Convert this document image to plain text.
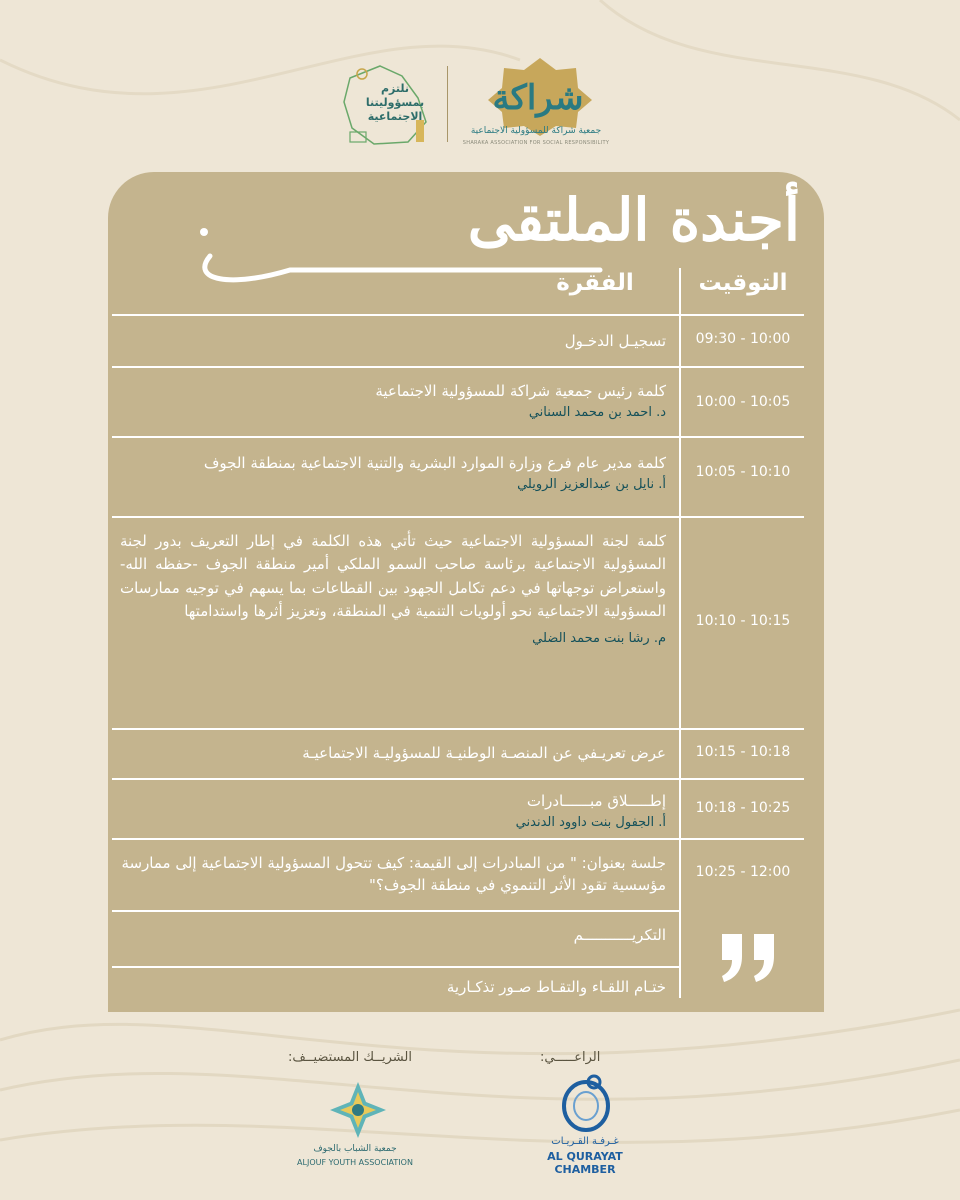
نلتزم بمسؤوليتنا الاجتماعية شراكة
جمعية شراكة للمسؤولية الاجتماعية
SHARAKA ASSOCIATION FOR SOCIAL RESPONSIBILITY
أجندة الملتقى
التوقيت
الفقرة
09:30 - 10:00
تسجيـل الدخـول
10:00 - 10:05
كلمة رئيس جمعية شراكة للمسؤولية الاجتماعية
د. احمد بن محمد السناني
10:05 - 10:10
كلمة مدير عام فرع وزارة الموارد البشرية والتنية الاجتماعية بمنطقة الجوف
أ. نايل بن عبدالعزيز الرويلي
10:10 - 10:15
كلمة لجنة المسؤولية الاجتماعية حيث تأتي هذه الكلمة في إطار التعريف بدور لجنة المسؤولية الاجتماعية برئاسة صاحب السمو الملكي أمير منطقة الجوف -حفظه الله- واستعراض توجهاتها في دعم تكامل الجهود بين القطاعات بما يسهم في توجيه ممارسات المسؤولية الاجتماعية نحو أولويات التنمية في المنطقة، وتعزيز أثرها واستدامتها
م. رشا بنت محمد الضلي
10:15 - 10:18
عرض تعريـفي عن المنصـة الوطنيـة للمسؤوليـة الاجتماعيـة
10:18 - 10:25
إطـــــلاق مبــــــادرات
أ. الجفول بنت داوود الدندني
10:25 - 12:00
جلسة بعنوان: " من المبادرات إلى القيمة: كيف تتحول المسؤولية الاجتماعية إلى ممارسة مؤسسية تقود الأثر التنموي في منطقة الجوف؟"
التكريـــــــــــم
ختـام اللقـاء والتقـاط صـور تذكـارية
الراعـــــي:
غـرفـة القـريـات
AL QURAYAT CHAMBER
الشريــك المستضيــف:
جمعية الشباب بالجوف
ALJOUF YOUTH ASSOCIATION
